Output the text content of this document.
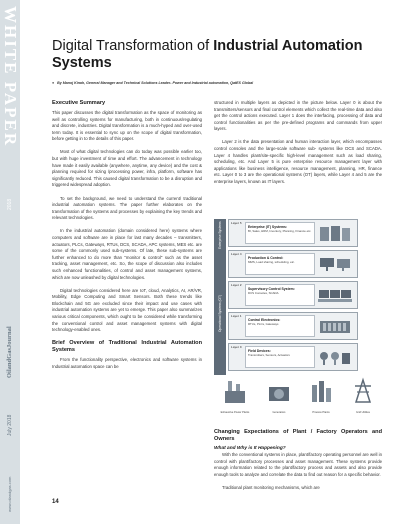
WHITE PAPER
2018
OilandGasJournal
July 2018
www.oilandgas.com
Digital Transformation of Industrial Automation Systems
● By Manoj Kinah, General Manager and Technical Solutions Leader- Power and Industrial automation, QatES Global
Executive Summary

This paper discusses the digital transformation as the space of monitoring as well as controlling systems for manufacturing, both in continuous/regulating and discrete, industries. Digital transformation is a much-hyped and over-used term today. It is essential to sync up on the scope of digital transformation, before getting in to the details of this paper.

Most of what digital technologies can do today was possible earlier too, but with huge investment of time and effort. The advancement in technology have made it easily available (anywhere, anytime, any device) and the cost & planning required for sizing /processing power, infra, platform, software has significantly reduced. This caused digital transformation to be a disruption and triggered widespread adoption.

To set the background, we need to understand the current/ traditional industrial automation systems. The paper further elaborates on the transformation of the systems and processes by explaining the key trends and relevant technologies.

In the industrial automation (domain considered here) systems where computers and software are in place for last many decades – transmitters, actuators, PLCs, Gateways, RTUs, DCS, SCADA, APC systems, MES etc. are some of the commonly used sub-systems. Of late, these sub-systems are further enhanced to do more than "monitor & control" such as the asset tracking, asset management, etc. So, the scope of discussion also includes such enhanced functionalities, of control and asset management systems, which are now unleashed by digital technologies.

Digital technologies considered here are IoT, cloud, Analytics, AI, AR/VR, Mobility, Edge Computing and Smart Sensors. Both these trends like Blockchain and 5G are excluded since their impact and use cases with industrial automation systems are yet to emerge. This paper also summarizes various critical components, which ought to be considered while transforming the conventional control and asset management systems with digital technology-enabled ones.

Brief Overview of Traditional Industrial Automation Systems

From the functionality perspective, electronics and software systems in Industrial automation space can be

structured in multiple layers as depicted in the picture below. Layer 0 is about the transmitters/sensors and final control elements which collect the real-time data and also get the control actions executed. Layer 1 does the interfacing, processing of data and control functionalities as per the pre-defined programs and commands from upper layers.

Layer 2 is the data presentation and human interaction layer, which encompasses control consoles and the large-scale software sub- systems like DCS and SCADA. Layer 4 handles plant/site-specific high-level management such as load sharing, scheduling, etc. And Layer 5 is pure enterprise resource management layer with applications like business intelligence, resource management, planning, HR, finance etc. Layer 0 to 3 are the operational systems (OT) layers, while Layer 4 and 5 are the enterprise layers, known as IT layers.

Enterprise Systems
Operational Systems (OT)
Layer 5
Enterprise (IT) Systems:
BI, Sales, HRM, Inventory, Planning, Finance etc.
Layer 4
Production & Control:
MMS, Load sharing, scheduling, etc.
Layer 2
Supervisory Control System:
DCS Consoles, SCADA
Layer 1
Control Electronics:
RTUs, PLCs, Gateways
Layer 0
Field Devices:
Transmitters, Sensors, Actuators
Exhaustive Power Plants	Generators	Process Plants	Grid Utilities
Changing Expectations of Plant / Factory Operators and Owners
What and Why is It Happening?

With the conventional systems in place, plant/factory operating personnel are well in control with plant/factory processes and asset management. These systems provide enough information related to the plant/factory process and assets and also provide enough tools to analyze and correlate the data to find out reason for a specific behavior.

Traditional plant monitoring mechanisms, which are

14
